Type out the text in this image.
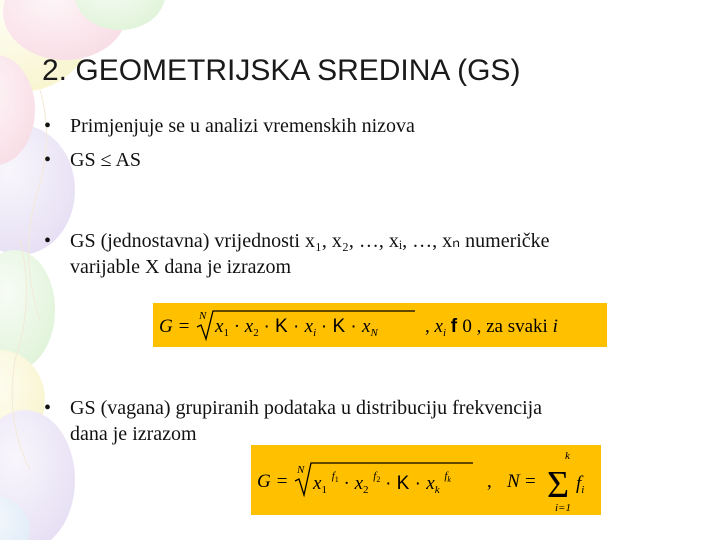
2. GEOMETRIJSKA SREDINA (GS)
• Primjenjuje se u analizi vremenskih nizova
• GS ≤ AS
• GS (jednostavna) vrijednosti x₁, x₂, …, xᵢ, …, xₙ numeričke
varijable X dana je izrazom
• GS (vagana) grupiranih podataka u distribuciju frekvencija
dana je izrazom
G = N $x_1 \cdot x_2 \cdot K \cdot x_i \cdot K \cdot x_N$ , $x_i$ f 0 , za svaki i
G =
N
$x_1$ $^f1 \cdot x_2$ $^f2 \cdot K \cdot x_k$ $^f$k , N =
k
Σ
i=1
$f_i$
